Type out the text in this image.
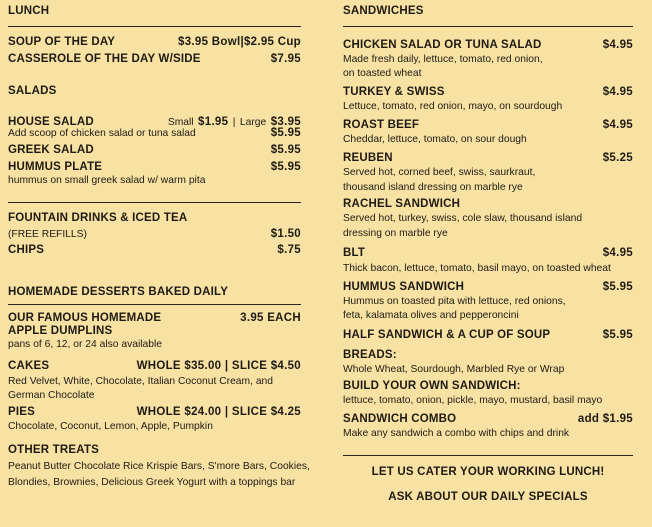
LUNCH
SOUP OF THE DAY	$3.95 Bowl|$2.95 Cup
CASSEROLE OF THE DAY W/SIDE	$7.95
SALADS
HOUSE SALAD	Small $1.95 | Large $3.95
Add scoop of chicken salad or tuna salad	$5.95
GREEK SALAD	$5.95
HUMMUS PLATE	$5.95
hummus on small greek salad w/ warm pita
FOUNTAIN DRINKS & ICED TEA
(FREE REFILLS)	$1.50
CHIPS	$.75
HOMEMADE DESSERTS BAKED DAILY
OUR FAMOUS HOMEMADE	3.95 EACH
APPLE DUMPLINS
pans of 6, 12, or 24 also available
CAKES	WHOLE $35.00 | SLICE $4.50
Red Velvet, White, Chocolate, Italian Coconut Cream, and
German Chocolate
PIES	WHOLE $24.00 | SLICE $4.25
Chocolate, Coconut, Lemon, Apple, Pumpkin
OTHER TREATS
Peanut Butter Chocolate Rice Krispie Bars, S'more Bars, Cookies,
Blondies, Brownies, Delicious Greek Yogurt with a toppings bar
SANDWICHES
CHICKEN SALAD OR TUNA SALAD	$4.95
Made fresh daily, lettuce, tomato, red onion,
on toasted wheat
TURKEY & SWISS	$4.95
Lettuce, tomato, red onion, mayo, on sourdough
ROAST BEEF	$4.95
Cheddar, lettuce, tomato, on sour dough
REUBEN	$5.25
Served hot, corned beef, swiss, saurkraut,
thousand island dressing on marble rye
RACHEL SANDWICH
Served hot, turkey, swiss, cole slaw, thousand island
dressing on marble rye
BLT	$4.95
Thick bacon, lettuce, tomato, basil mayo, on toasted wheat
HUMMUS SANDWICH	$5.95
Hummus on toasted pita with lettuce, red onions,
feta, kalamata olives and pepperoncini
HALF SANDWICH & A CUP OF SOUP	$5.95
BREADS:
Whole Wheat, Sourdough, Marbled Rye or Wrap
BUILD YOUR OWN SANDWICH:
lettuce, tomato, onion, pickle, mayo, mustard, basil mayo
SANDWICH COMBO	add $1.95
Make any sandwich a combo with chips and drink
LET US CATER YOUR WORKING LUNCH!
ASK ABOUT OUR DAILY SPECIALS
